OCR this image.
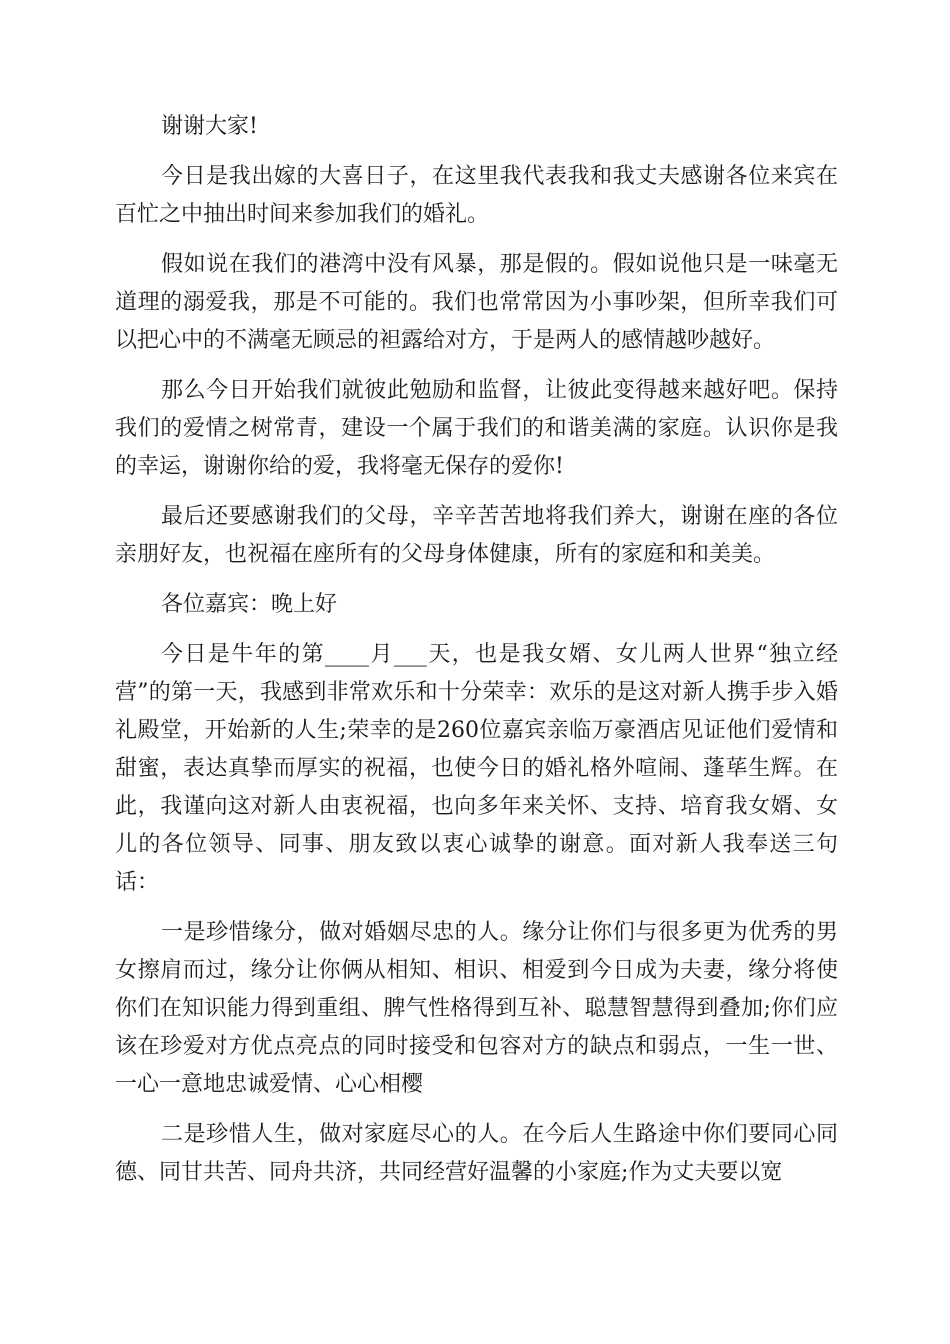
谢谢大家!

今日是我出嫁的大喜日子，在这里我代表我和我丈夫感谢各位来宾在百忙之中抽出时间来参加我们的婚礼。

假如说在我们的港湾中没有风暴，那是假的。假如说他只是一味毫无道理的溺爱我，那是不可能的。我们也常常因为小事吵架，但所幸我们可以把心中的不满毫无顾忌的袒露给对方，于是两人的感情越吵越好。

那么今日开始我们就彼此勉励和监督，让彼此变得越来越好吧。保持我们的爱情之树常青，建设一个属于我们的和谐美满的家庭。认识你是我的幸运，谢谢你给的爱，我将毫无保存的爱你!

最后还要感谢我们的父母，辛辛苦苦地将我们养大，谢谢在座的各位亲朋好友，也祝福在座所有的父母身体健康，所有的家庭和和美美。

各位嘉宾：晚上好

今日是牛年的第____月___天，也是我女婿、女儿两人世界“独立经营”的第一天，我感到非常欢乐和十分荣幸：欢乐的是这对新人携手步入婚礼殿堂，开始新的人生;荣幸的是260位嘉宾亲临万豪酒店见证他们爱情和甜蜜，表达真挚而厚实的祝福，也使今日的婚礼格外喧闹、蓬荜生辉。在此，我谨向这对新人由衷祝福，也向多年来关怀、支持、培育我女婿、女儿的各位领导、同事、朋友致以衷心诚挚的谢意。面对新人我奉送三句话：

一是珍惜缘分，做对婚姻尽忠的人。缘分让你们与很多更为优秀的男女擦肩而过，缘分让你俩从相知、相识、相爱到今日成为夫妻，缘分将使你们在知识能力得到重组、脾气性格得到互补、聪慧智慧得到叠加;你们应该在珍爱对方优点亮点的同时接受和包容对方的缺点和弱点，一生一世、一心一意地忠诚爱情、心心相樱

二是珍惜人生，做对家庭尽心的人。在今后人生路途中你们要同心同德、同甘共苦、同舟共济，共同经营好温馨的小家庭;作为丈夫要以宽
